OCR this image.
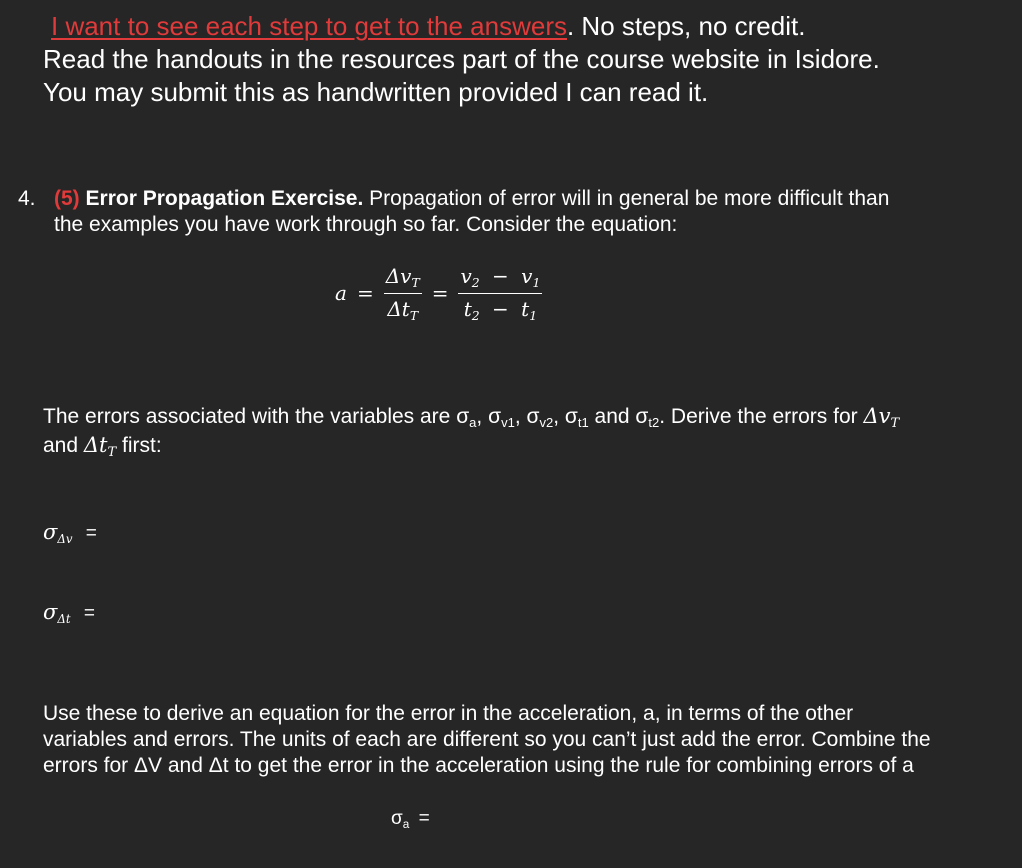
I want to see each step to get to the answers. No steps, no credit.
Read the handouts in the resources part of the course website in Isidore.
You may submit this as handwritten provided I can read it.
4. (5) Error Propagation Exercise. Propagation of error will in general be more difficult than
the examples you have work through so far. Consider the equation:
$a = \frac{\Delta v_T}{\Delta t_T} = \frac{v2 - v1}{t2 - t1}$
The errors associated with the variables are σa, σv1, σv2, σt1 and σt2. Derive the errors for $\Delta v_T$
and $\Delta t_T$ first:
$\sigma_{\Delta v}$ =
$\sigma_{\Delta t}$ =
Use these to derive an equation for the error in the acceleration, a, in terms of the other
variables and errors. The units of each are different so you can’t just add the error. Combine the
errors for ΔV and Δt to get the error in the acceleration using the rule for combining errors of a
σa =
